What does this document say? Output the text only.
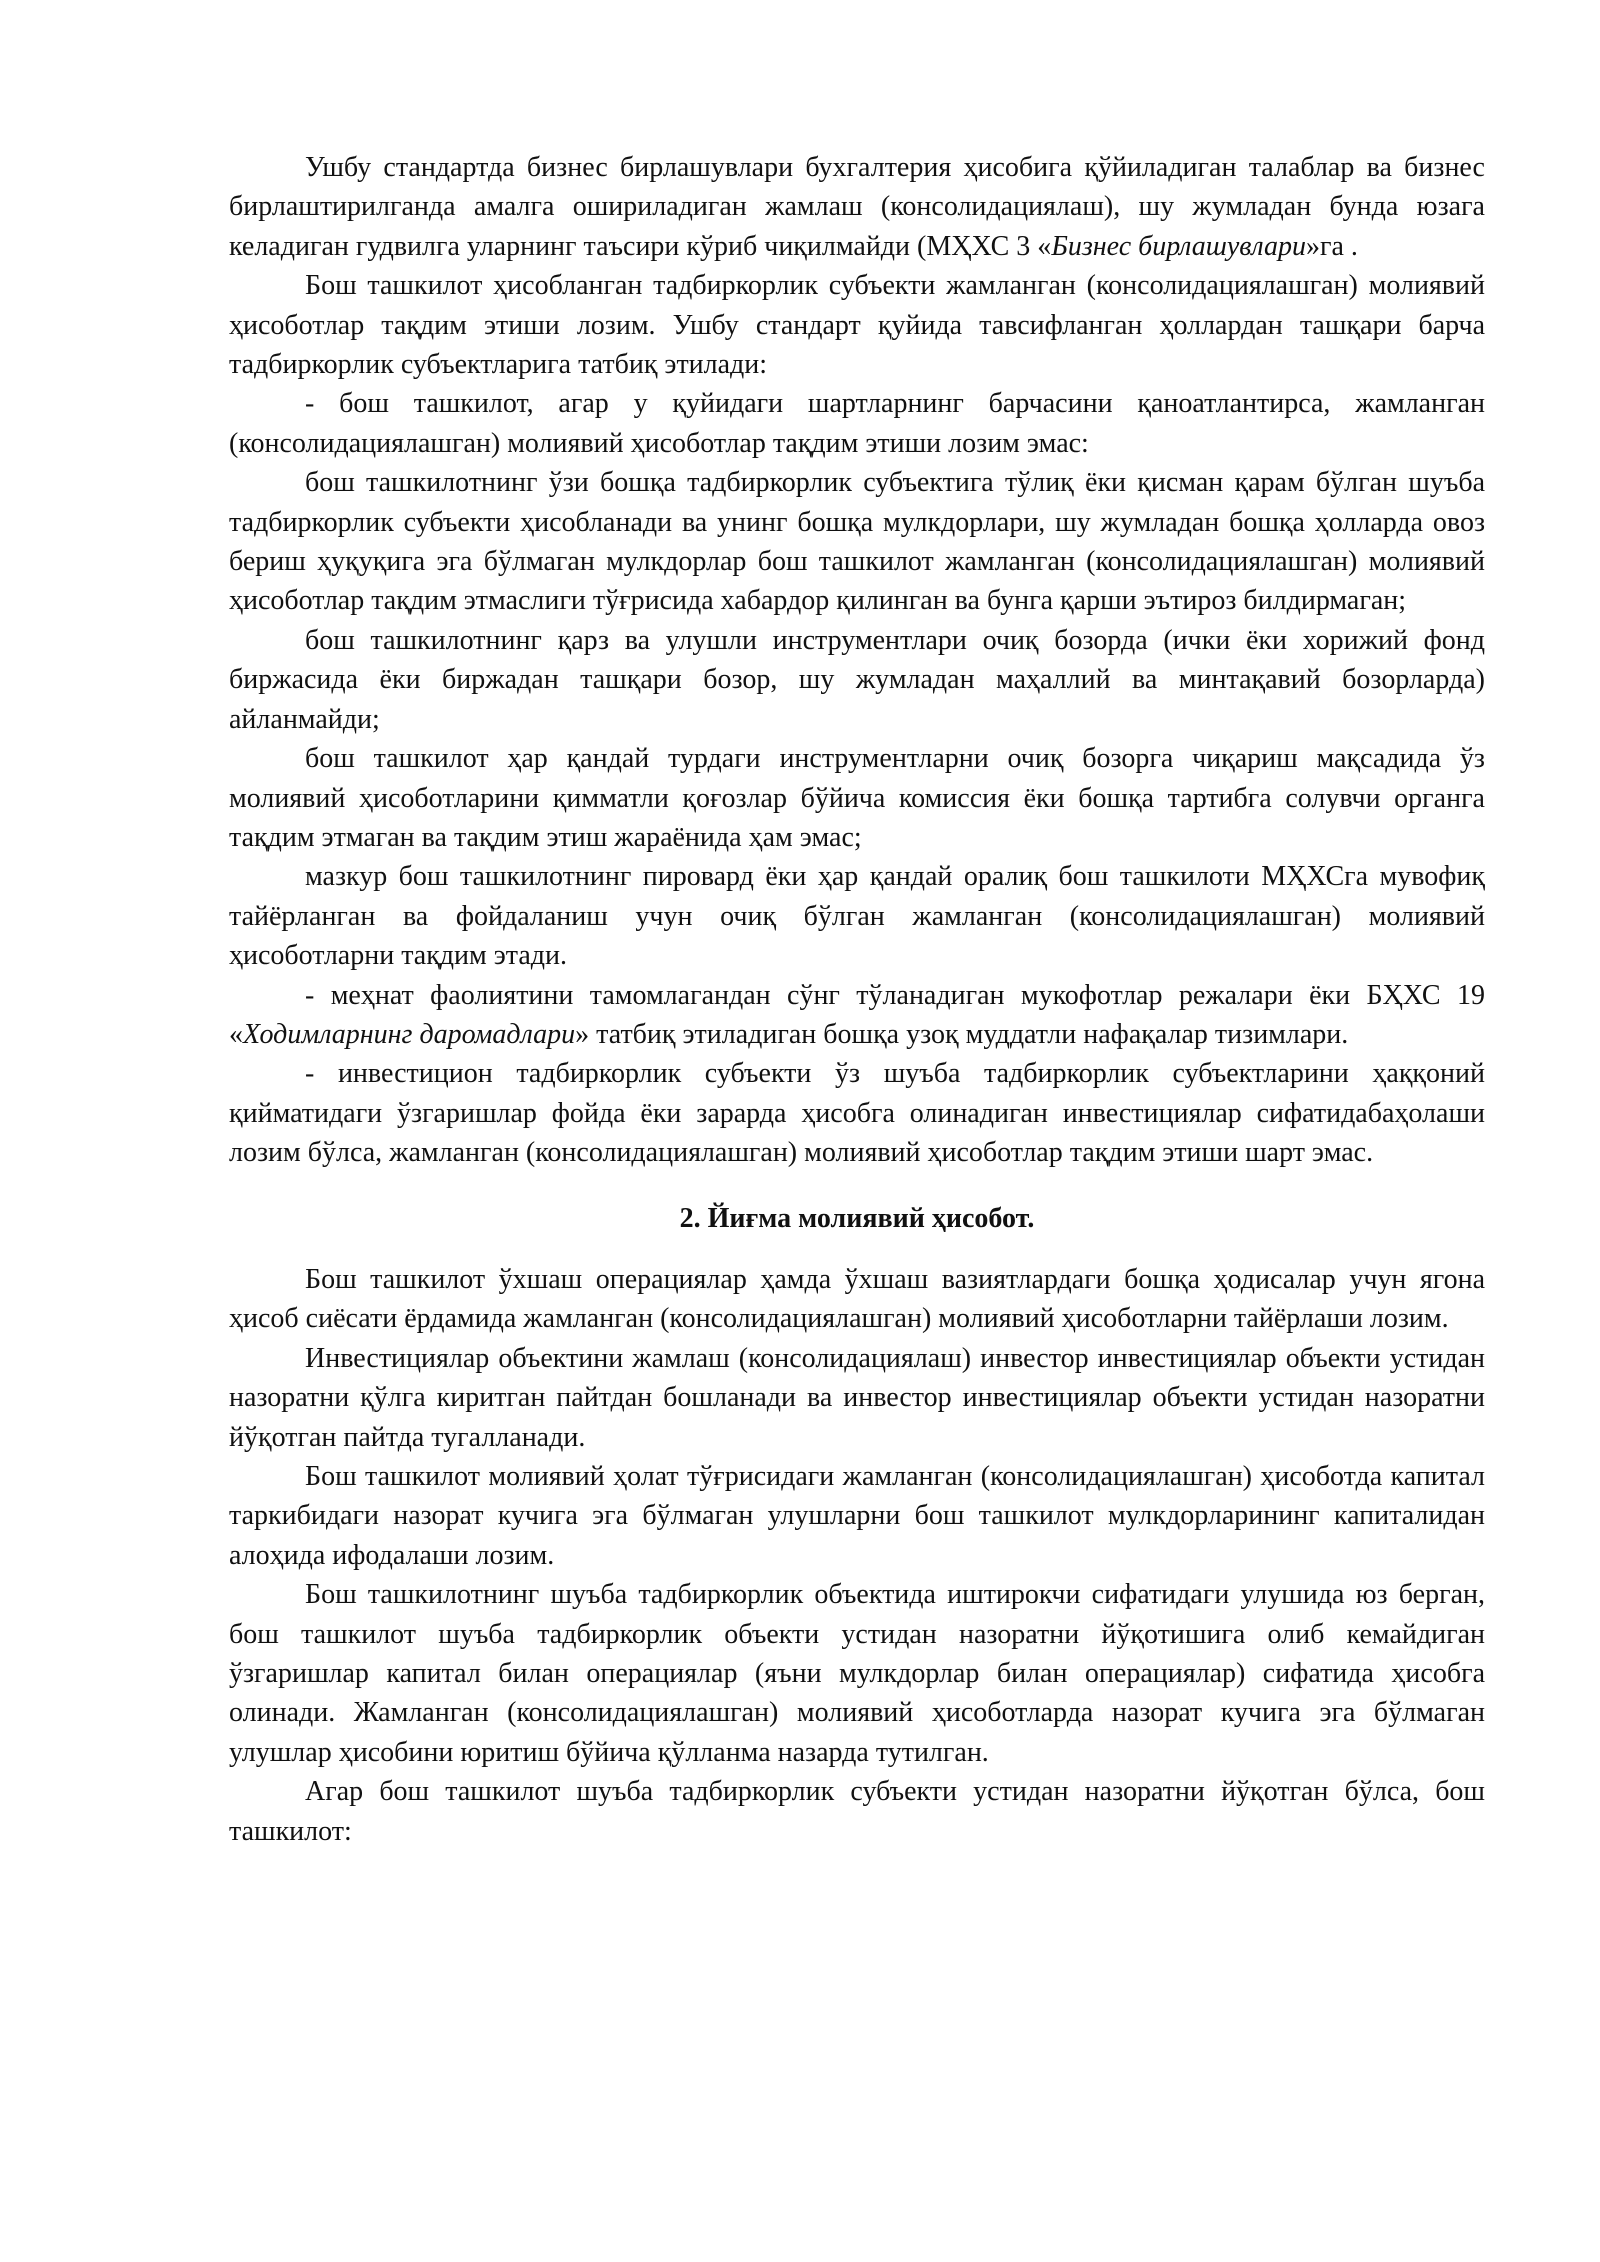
Ушбу стандартда бизнес бирлашувлари бухгалтерия ҳисобига қўйиладиган талаблар ва бизнес бирлаштирилганда амалга ошириладиган жамлаш (консолидациялаш), шу жумладан бунда юзага келадиган гудвилга уларнинг таъсири кўриб чиқилмайди (МҲХС 3 «Бизнес бирлашувлари»га .

Бош ташкилот ҳисобланган тадбиркорлик субъекти жамланган (консолидациялашган) молиявий ҳисоботлар тақдим этиши лозим. Ушбу стандарт қуйида тавсифланган ҳоллардан ташқари барча тадбиркорлик субъектларига татбиқ этилади:

- бош ташкилот, агар у қуйидаги шартларнинг барчасини қаноатлантирса, жамланган (консолидациялашган) молиявий ҳисоботлар тақдим этиши лозим эмас:

бош ташкилотнинг ўзи бошқа тадбиркорлик субъектига тўлиқ ёки қисман қарам бўлган шуъба тадбиркорлик субъекти ҳисобланади ва унинг бошқа мулкдорлари, шу жумладан бошқа ҳолларда овоз бериш ҳуқуқига эга бўлмаган мулкдорлар бош ташкилот жамланган (консолидациялашган) молиявий ҳисоботлар тақдим этмаслиги тўғрисида хабардор қилинган ва бунга қарши эътироз билдирмаган;

бош ташкилотнинг қарз ва улушли инструментлари очиқ бозорда (ички ёки хорижий фонд биржасида ёки биржадан ташқари бозор, шу жумладан маҳаллий ва минтақавий бозорларда) айланмайди;

бош ташкилот ҳар қандай турдаги инструментларни очиқ бозорга чиқариш мақсадида ўз молиявий ҳисоботларини қимматли қоғозлар бўйича комиссия ёки бошқа тартибга солувчи органга тақдим этмаган ва тақдим этиш жараёнида ҳам эмас;

мазкур бош ташкилотнинг пировард ёки ҳар қандай оралиқ бош ташкилоти МҲХСга мувофиқ тайёрланган ва фойдаланиш учун очиқ бўлган жамланган (консолидациялашган) молиявий ҳисоботларни тақдим этади.

- меҳнат фаолиятини тамомлагандан сўнг тўланадиган мукофотлар режалари ёки БҲХС 19 «Ходимларнинг даромадлари» татбиқ этиладиган бошқа узоқ муддатли нафақалар тизимлари.

- инвестицион тадбиркорлик субъекти ўз шуъба тадбиркорлик субъектларини ҳаққоний қийматидаги ўзгаришлар фойда ёки зарарда ҳисобга олинадиган инвестициялар сифатидабаҳолаши лозим бўлса, жамланган (консолидациялашган) молиявий ҳисоботлар тақдим этиши шарт эмас.

2. Йиғма молиявий ҳисобот.

Бош ташкилот ўхшаш операциялар ҳамда ўхшаш вазиятлардаги бошқа ҳодисалар учун ягона ҳисоб сиёсати ёрдамида жамланган (консолидациялашган) молиявий ҳисоботларни тайёрлаши лозим.

Инвестициялар объектини жамлаш (консолидациялаш) инвестор инвестициялар объекти устидан назоратни қўлга киритган пайтдан бошланади ва инвестор инвестициялар объекти устидан назоратни йўқотган пайтда тугалланади.

Бош ташкилот молиявий ҳолат тўғрисидаги жамланган (консолидациялашган) ҳисоботда капитал таркибидаги назорат кучига эга бўлмаган улушларни бош ташкилот мулкдорларининг капиталидан алоҳида ифодалаши лозим.

Бош ташкилотнинг шуъба тадбиркорлик объектида иштирокчи сифатидаги улушида юз берган, бош ташкилот шуъба тадбиркорлик объекти устидан назоратни йўқотишига олиб кемайдиган ўзгаришлар капитал билан операциялар (яъни мулкдорлар билан операциялар) сифатида ҳисобга олинади. Жамланган (консолидациялашган) молиявий ҳисоботларда назорат кучига эга бўлмаган улушлар ҳисобини юритиш бўйича қўлланма назарда тутилган.

Агар бош ташкилот шуъба тадбиркорлик субъекти устидан назоратни йўқотган бўлса, бош ташкилот:
